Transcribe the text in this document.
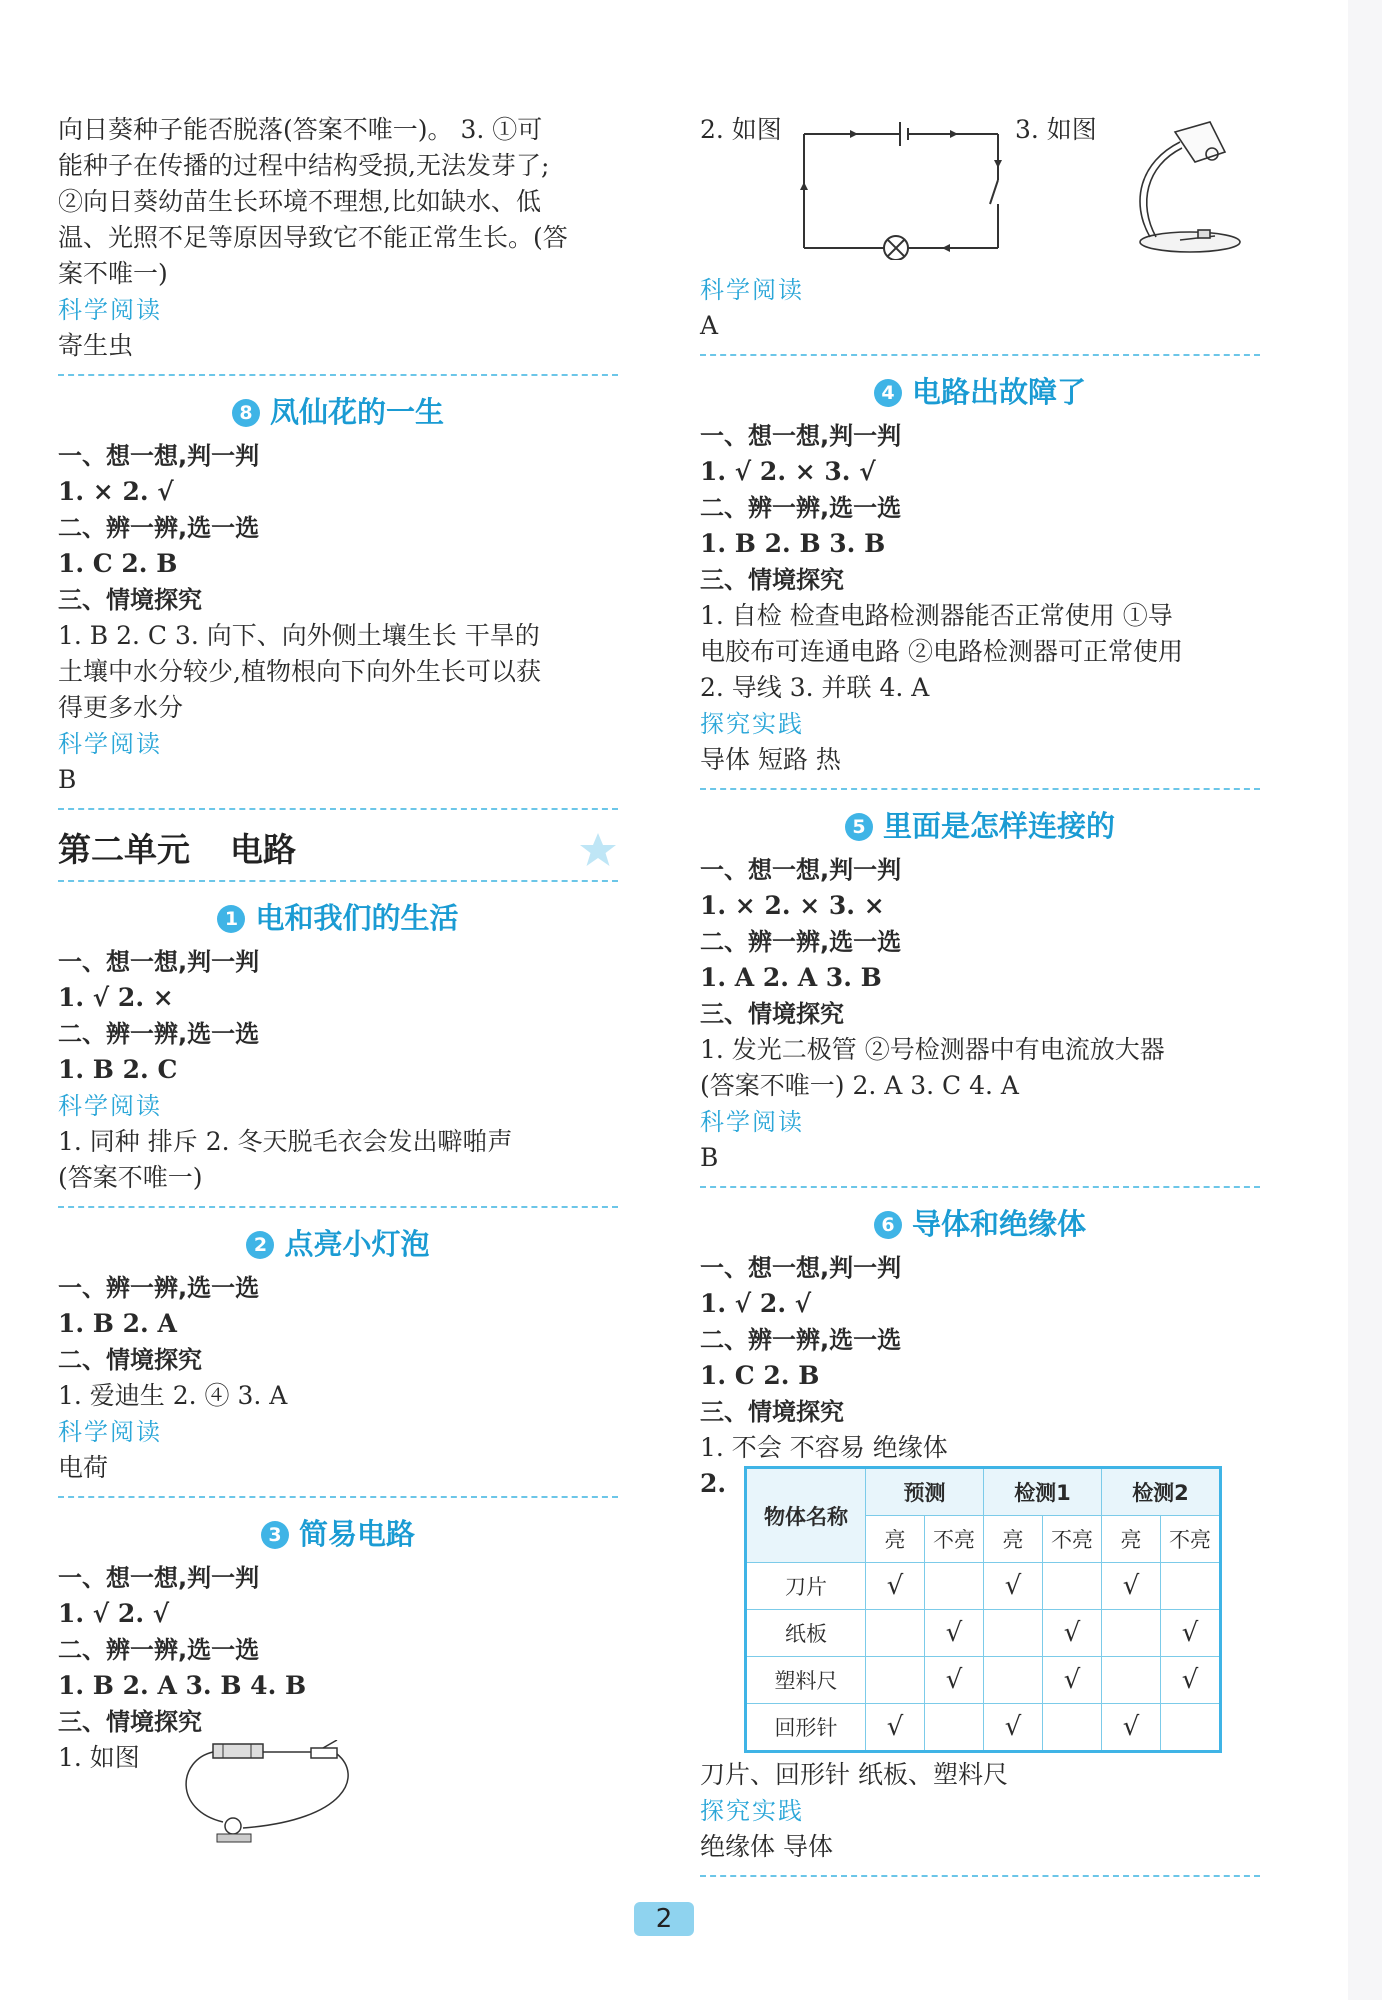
向日葵种子能否脱落(答案不唯一)。 3. ①可
能种子在传播的过程中结构受损,无法发芽了;
②向日葵幼苗生长环境不理想,比如缺水、低
温、光照不足等原因导致它不能正常生长。(答
案不唯一)
科学阅读
寄生虫
8 凤仙花的一生
一、想一想,判一判
1. × 2. √
二、辨一辨,选一选
1. C 2. B
三、情境探究
1. B 2. C 3. 向下、向外侧土壤生长 干旱的
土壤中水分较少,植物根向下向外生长可以获
得更多水分
科学阅读
B
第二单元 电路
1 电和我们的生活
一、想一想,判一判
1. √ 2. ×
二、辨一辨,选一选
1. B 2. C
科学阅读
1. 同种 排斥 2. 冬天脱毛衣会发出噼啪声
(答案不唯一)
2 点亮小灯泡
一、辨一辨,选一选
1. B 2. A
二、情境探究
1. 爱迪生 2. ④ 3. A
科学阅读
电荷
3 简易电路
一、想一想,判一判
1. √ 2. √
二、辨一辨,选一选
1. B 2. A 3. B 4. B
三、情境探究
1. 如图
2. 如图	3. 如图
科学阅读
A
4 电路出故障了
一、想一想,判一判
1. √ 2. × 3. √
二、辨一辨,选一选
1. B 2. B 3. B
三、情境探究
1. 自检 检查电路检测器能否正常使用 ①导
电胶布可连通电路 ②电路检测器可正常使用
2. 导线 3. 并联 4. A
探究实践
导体 短路 热
5 里面是怎样连接的
一、想一想,判一判
1. × 2. × 3. ×
二、辨一辨,选一选
1. A 2. A 3. B
三、情境探究
1. 发光二极管 ②号检测器中有电流放大器
(答案不唯一) 2. A 3. C 4. A
科学阅读
B
6 导体和绝缘体
一、想一想,判一判
1. √ 2. √
二、辨一辨,选一选
1. C 2. B
三、情境探究
1. 不会 不容易 绝缘体
2.
物体名称	预测		检测1		检测2	
	亮	不亮	亮	不亮	亮	不亮
刀片	√		√		√	
纸板		√		√		√
塑料尺		√		√		√
回形针	√		√		√	
刀片、回形针 纸板、塑料尺
探究实践
绝缘体 导体
2
